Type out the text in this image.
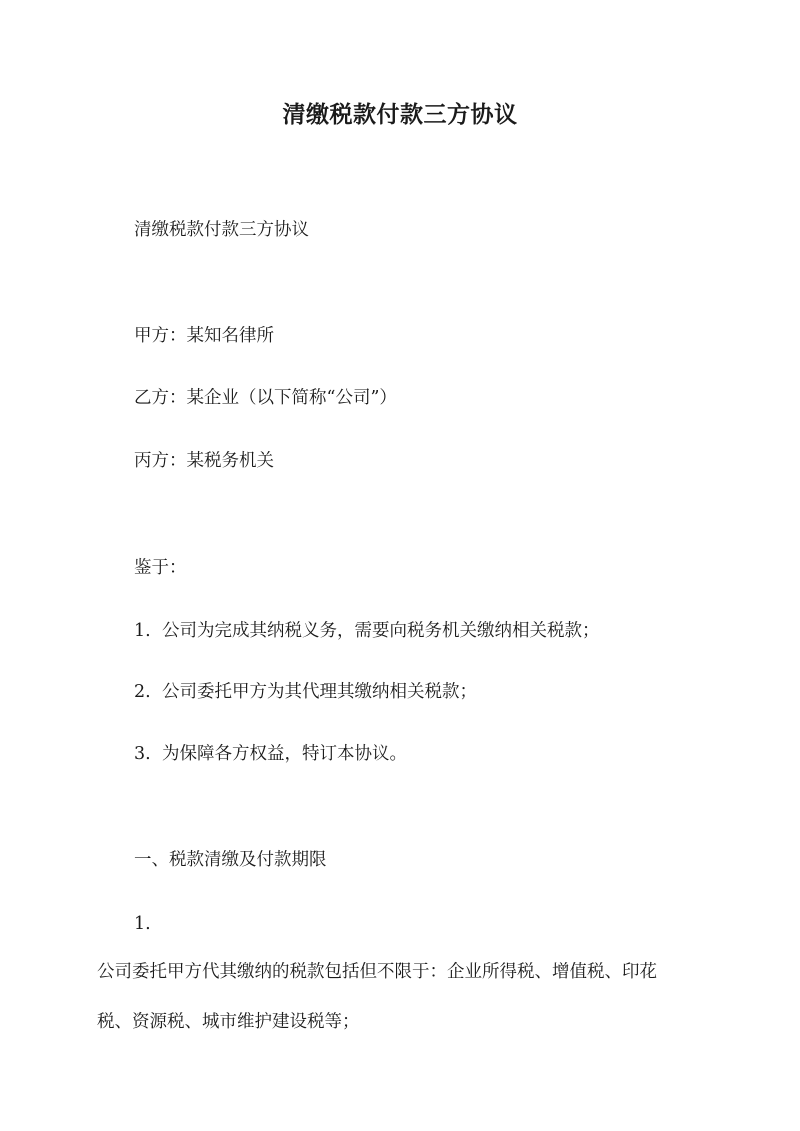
清缴税款付款三方协议
清缴税款付款三方协议
甲方：某知名律所
乙方：某企业（以下简称“公司”）
丙方：某税务机关
鉴于：
1. 公司为完成其纳税义务，需要向税务机关缴纳相关税款；
2. 公司委托甲方为其代理其缴纳相关税款；
3. 为保障各方权益，特订本协议。
一、税款清缴及付款期限
1.
公司委托甲方代其缴纳的税款包括但不限于：企业所得税、增值税、印花
税、资源税、城市维护建设税等；
